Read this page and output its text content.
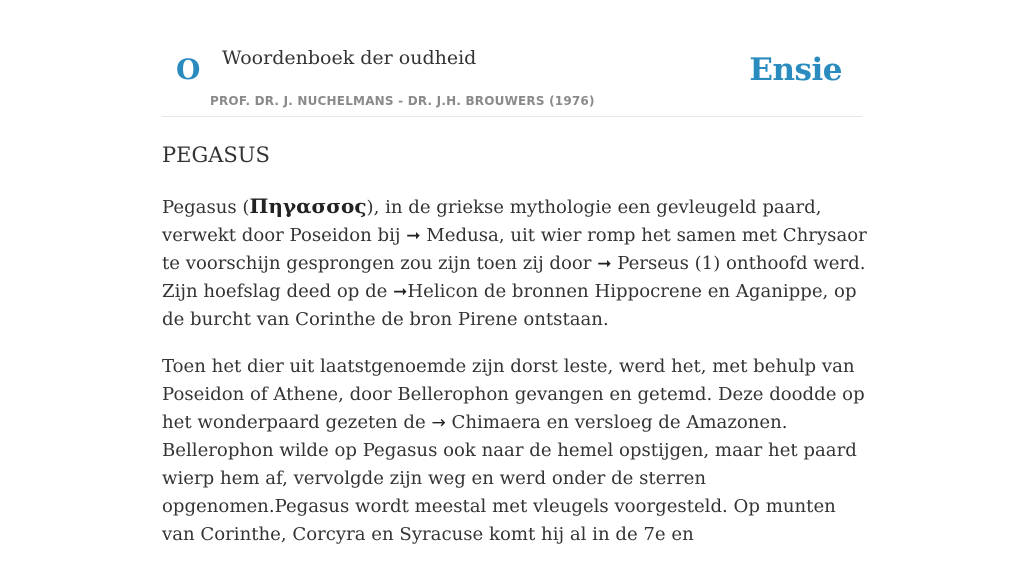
O Woordenboek der oudheid
PROF. DR. J. NUCHELMANS - DR. J.H. BROUWERS (1976)
Ensie
PEGASUS

Pegasus (Πηγασσος), in de griekse mythologie een gevleugeld paard, verwekt door Poseidon bij ➞ Medusa, uit wier romp het samen met Chrysaor te voorschijn gesprongen zou zijn toen zij door ➞ Perseus (1) onthoofd werd. Zijn hoefslag deed op de ➞Helicon de bronnen Hippocrene en Aganippe, op de burcht van Corinthe de bron Pirene ontstaan.

Toen het dier uit laatstgenoemde zijn dorst leste, werd het, met behulp van Poseidon of Athene, door Bellerophon gevangen en getemd. Deze doodde op het wonderpaard gezeten de → Chimaera en versloeg de Amazonen. Bellerophon wilde op Pegasus ook naar de hemel opstijgen, maar het paard wierp hem af, vervolgde zijn weg en werd onder de sterren opgenomen.Pegasus wordt meestal met vleugels voorgesteld. Op munten van Corinthe, Corcyra en Syracuse komt hij al in de 7e en
